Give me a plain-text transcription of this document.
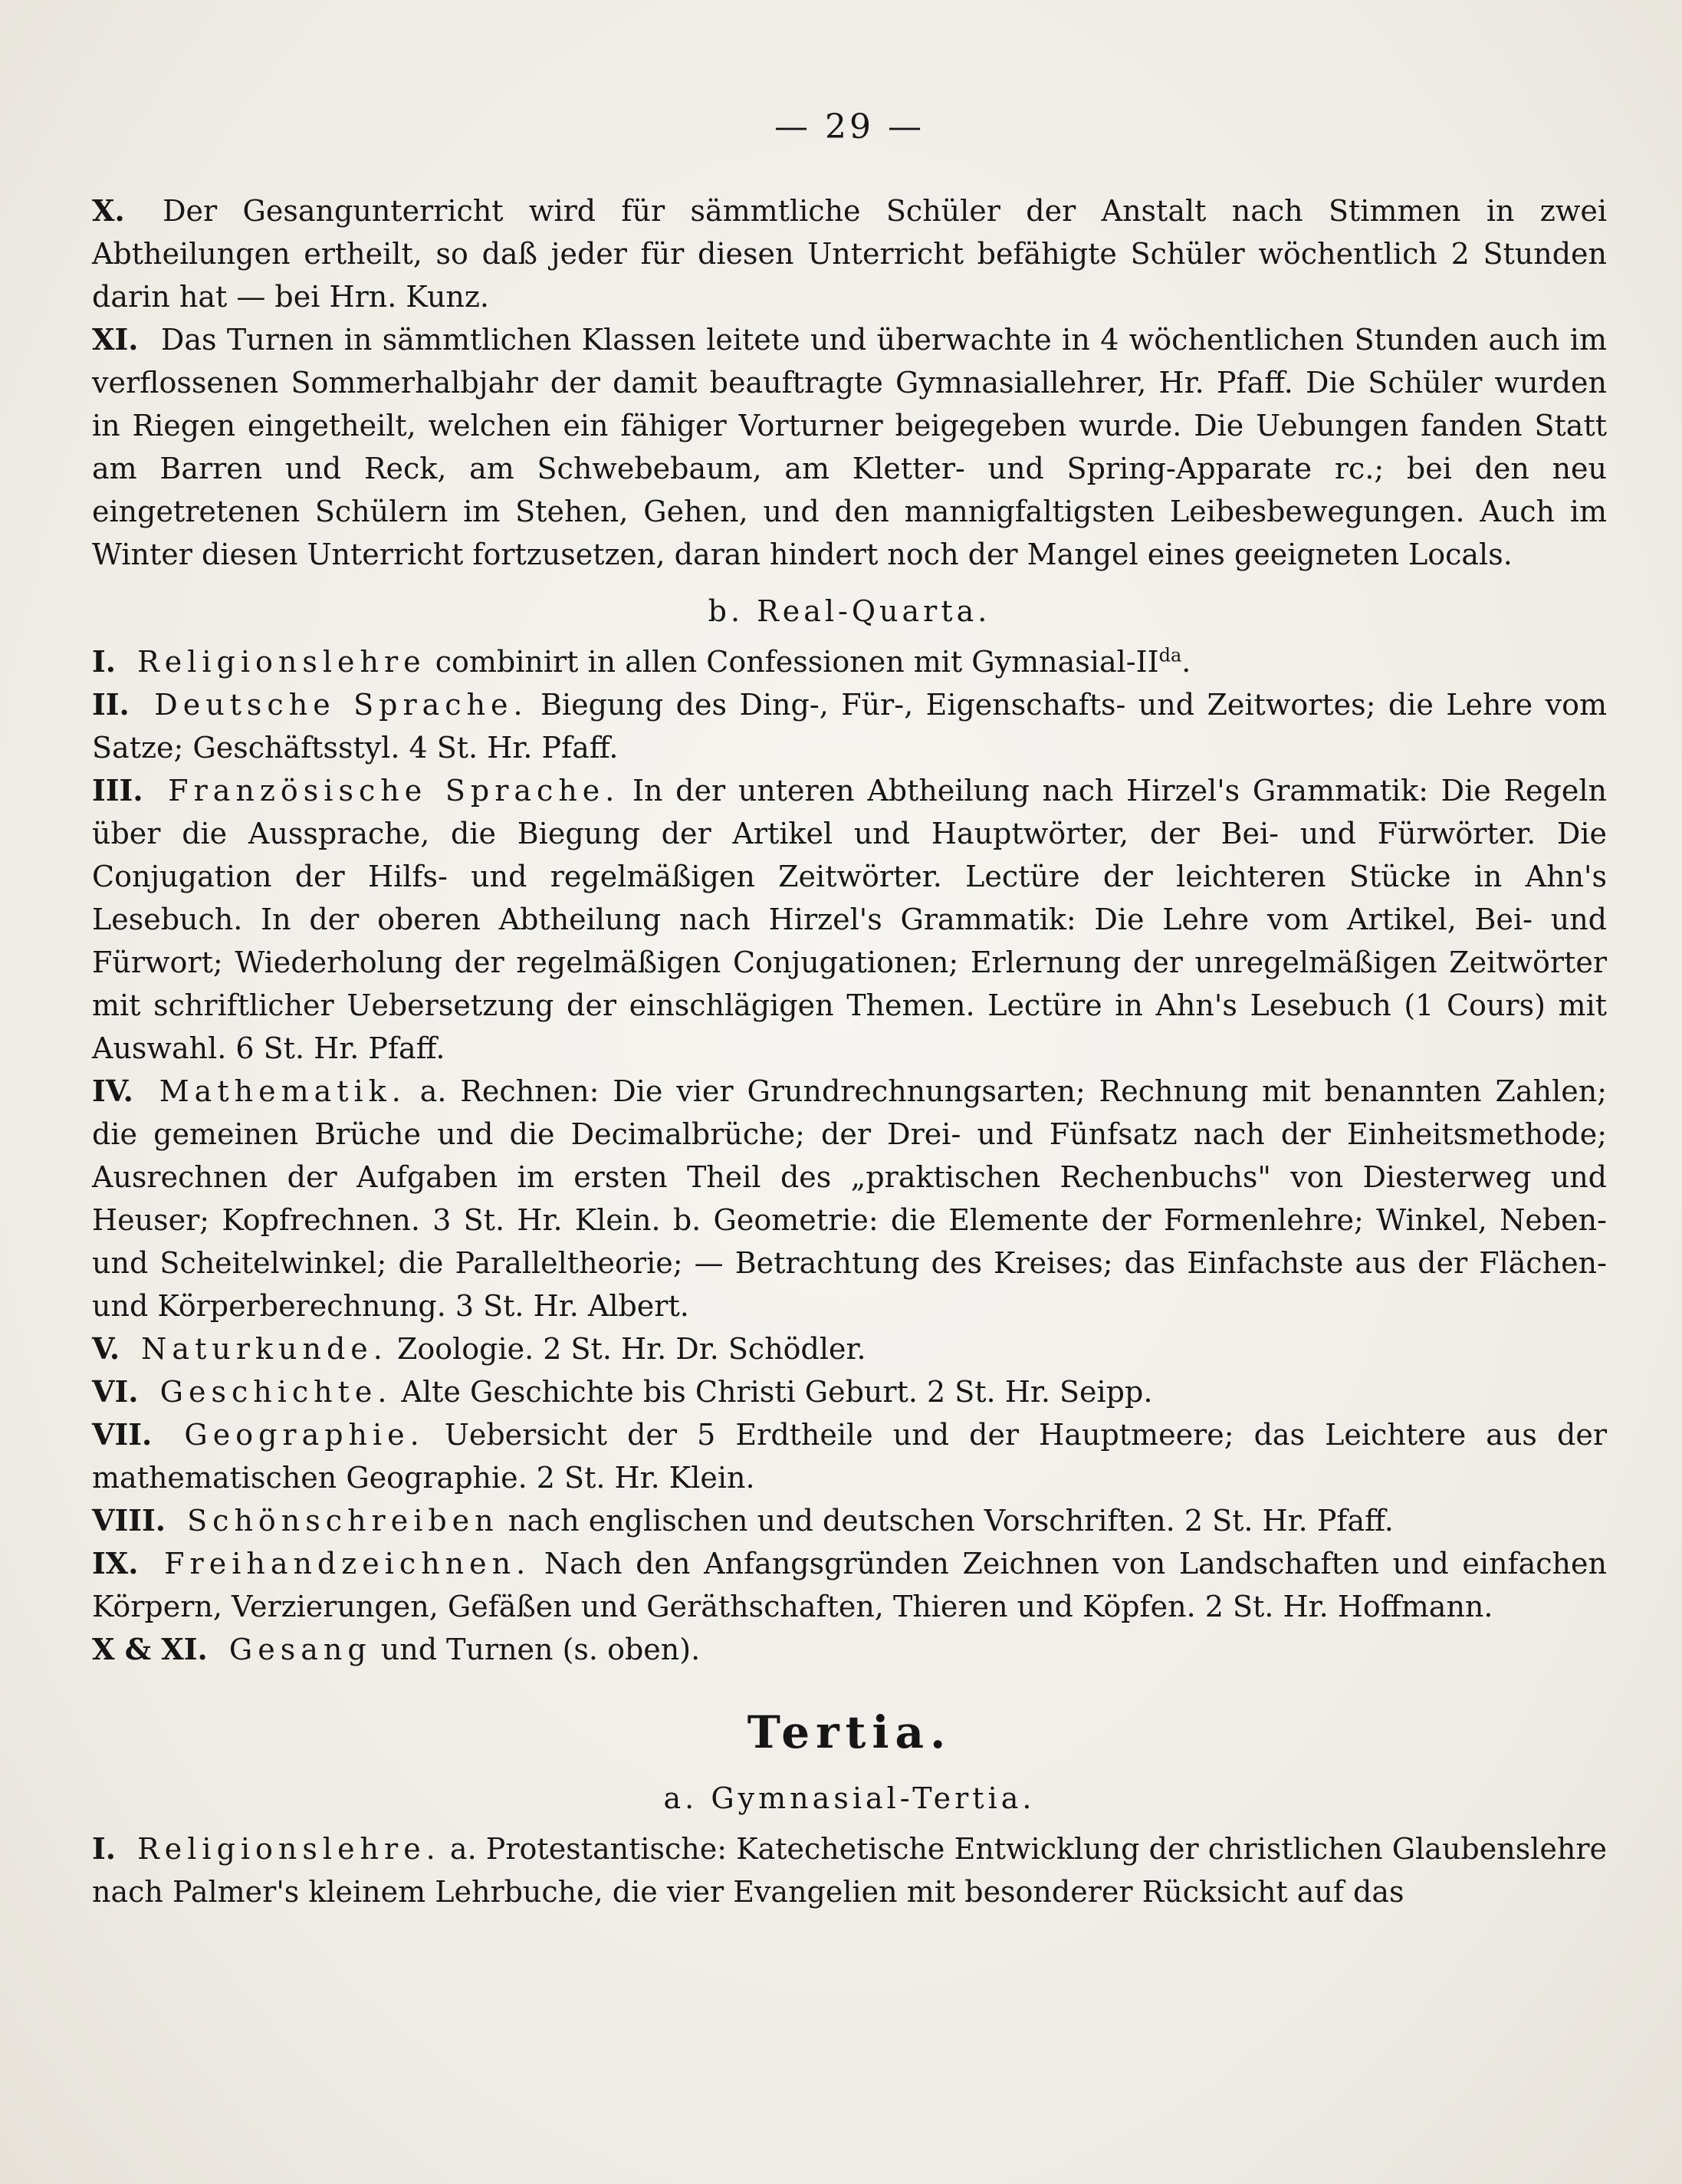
— 29 —

X. Der Gesangunterricht wird für sämmtliche Schüler der Anstalt nach Stimmen in zwei Abtheilungen ertheilt, so daß jeder für diesen Unterricht befähigte Schüler wöchentlich 2 Stunden darin hat — bei Hrn. Kunz.

XI. Das Turnen in sämmtlichen Klassen leitete und überwachte in 4 wöchentlichen Stunden auch im verflossenen Sommerhalbjahr der damit beauftragte Gymnasiallehrer, Hr. Pfaff. Die Schüler wurden in Riegen eingetheilt, welchen ein fähiger Vorturner beigegeben wurde. Die Uebungen fanden Statt am Barren und Reck, am Schwebebaum, am Kletter- und Spring-Apparate rc.; bei den neu eingetretenen Schülern im Stehen, Gehen, und den mannigfaltigsten Leibesbewegungen. Auch im Winter diesen Unterricht fortzusetzen, daran hindert noch der Mangel eines geeigneten Locals.

b. Real-Quarta.

I. Religionslehre combinirt in allen Confessionen mit Gymnasial-$II^{da}$.

II. Deutsche Sprache. Biegung des Ding-, Für-, Eigenschafts- und Zeitwortes; die Lehre vom Satze; Geschäftsstyl. 4 St. Hr. Pfaff.

III. Französische Sprache. In der unteren Abtheilung nach Hirzel's Grammatik: Die Regeln über die Aussprache, die Biegung der Artikel und Hauptwörter, der Bei- und Fürwörter. Die Conjugation der Hilfs- und regelmäßigen Zeitwörter. Lectüre der leichteren Stücke in Ahn's Lesebuch. In der oberen Abtheilung nach Hirzel's Grammatik: Die Lehre vom Artikel, Bei- und Fürwort; Wiederholung der regelmäßigen Conjugationen; Erlernung der unregelmäßigen Zeitwörter mit schriftlicher Uebersetzung der einschlägigen Themen. Lectüre in Ahn's Lesebuch (1 Cours) mit Auswahl. 6 St. Hr. Pfaff.

IV. Mathematik. a. Rechnen: Die vier Grundrechnungsarten; Rechnung mit benannten Zahlen; die gemeinen Brüche und die Decimalbrüche; der Drei- und Fünfsatz nach der Einheitsmethode; Ausrechnen der Aufgaben im ersten Theil des „praktischen Rechenbuchs" von Diesterweg und Heuser; Kopfrechnen. 3 St. Hr. Klein. b. Geometrie: die Elemente der Formenlehre; Winkel, Neben- und Scheitelwinkel; die Paralleltheorie; — Betrachtung des Kreises; das Einfachste aus der Flächen- und Körperberechnung. 3 St. Hr. Albert.

V. Naturkunde. Zoologie. 2 St. Hr. Dr. Schödler.

VI. Geschichte. Alte Geschichte bis Christi Geburt. 2 St. Hr. Seipp.

VII. Geographie. Uebersicht der 5 Erdtheile und der Hauptmeere; das Leichtere aus der mathematischen Geographie. 2 St. Hr. Klein.

VIII. Schönschreiben nach englischen und deutschen Vorschriften. 2 St. Hr. Pfaff.

IX. Freihandzeichnen. Nach den Anfangsgründen Zeichnen von Landschaften und einfachen Körpern, Verzierungen, Gefäßen und Geräthschaften, Thieren und Köpfen. 2 St. Hr. Hoffmann.

X & XI. Gesang und Turnen (s. oben).

Tertia.
a. Gymnasial-Tertia.

I. Religionslehre. a. Protestantische: Katechetische Entwicklung der christlichen Glaubenslehre nach Palmer's kleinem Lehrbuche, die vier Evangelien mit besonderer Rücksicht auf das
